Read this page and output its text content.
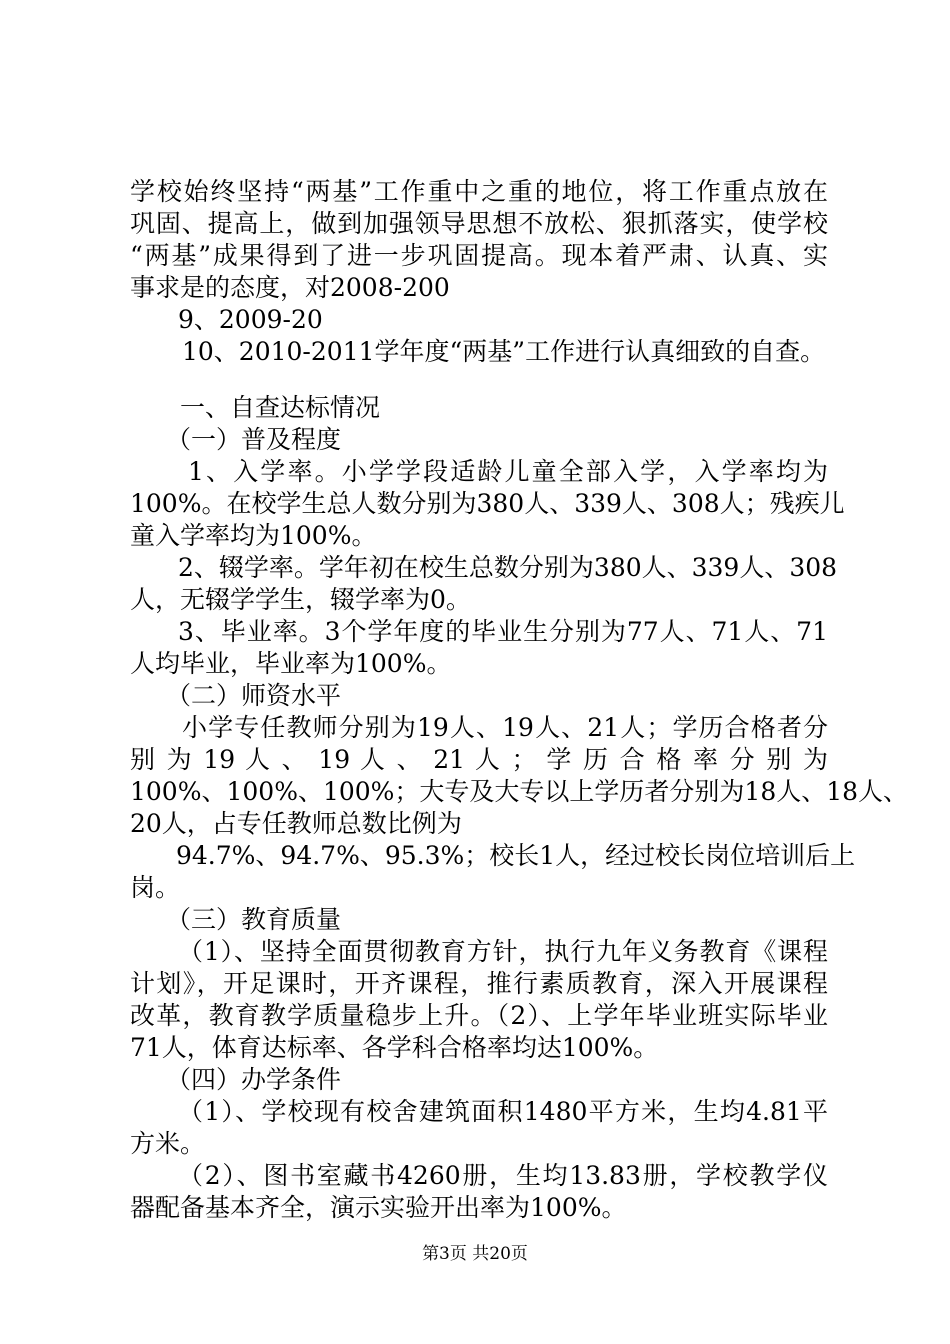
学校始终坚持“两基”工作重中之重的地位，将工作重点放在
巩固、提高上，做到加强领导思想不放松、狠抓落实，使学校
“两基”成果得到了进一步巩固提高。现本着严肃、认真、实
事求是的态度，对2008-200
9、2009-20
10、2010-2011学年度“两基”工作进行认真细致的自查。
一、自查达标情况
（一）普及程度
1、入学率。小学学段适龄儿童全部入学，入学率均为
100%。在校学生总人数分别为380人、339人、308人；残疾儿
童入学率均为100%。
2、辍学率。学年初在校生总数分别为380人、339人、308
人，无辍学学生，辍学率为0。
3、毕业率。3个学年度的毕业生分别为77人、71人、71
人均毕业，毕业率为100%。
（二）师资水平
小学专任教师分别为19人、19人、21人；学历合格者分
别 为 19 人 、 19 人 、 21 人 ； 学 历 合 格 率 分 别 为
100%、100%、100%；大专及大专以上学历者分别为18人、18人、
20人，占专任教师总数比例为
94.7%、94.7%、95.3%；校长1人，经过校长岗位培训后上
岗。
（三）教育质量
（1）、坚持全面贯彻教育方针，执行九年义务教育《课程
计划》，开足课时，开齐课程，推行素质教育，深入开展课程
改革，教育教学质量稳步上升。（2）、上学年毕业班实际毕业
71人，体育达标率、各学科合格率均达100%。
（四）办学条件
（1）、学校现有校舍建筑面积1480平方米，生均4.81平
方米。
（2）、图书室藏书4260册，生均13.83册，学校教学仪
器配备基本齐全，演示实验开出率为100%。
第3页 共20页
